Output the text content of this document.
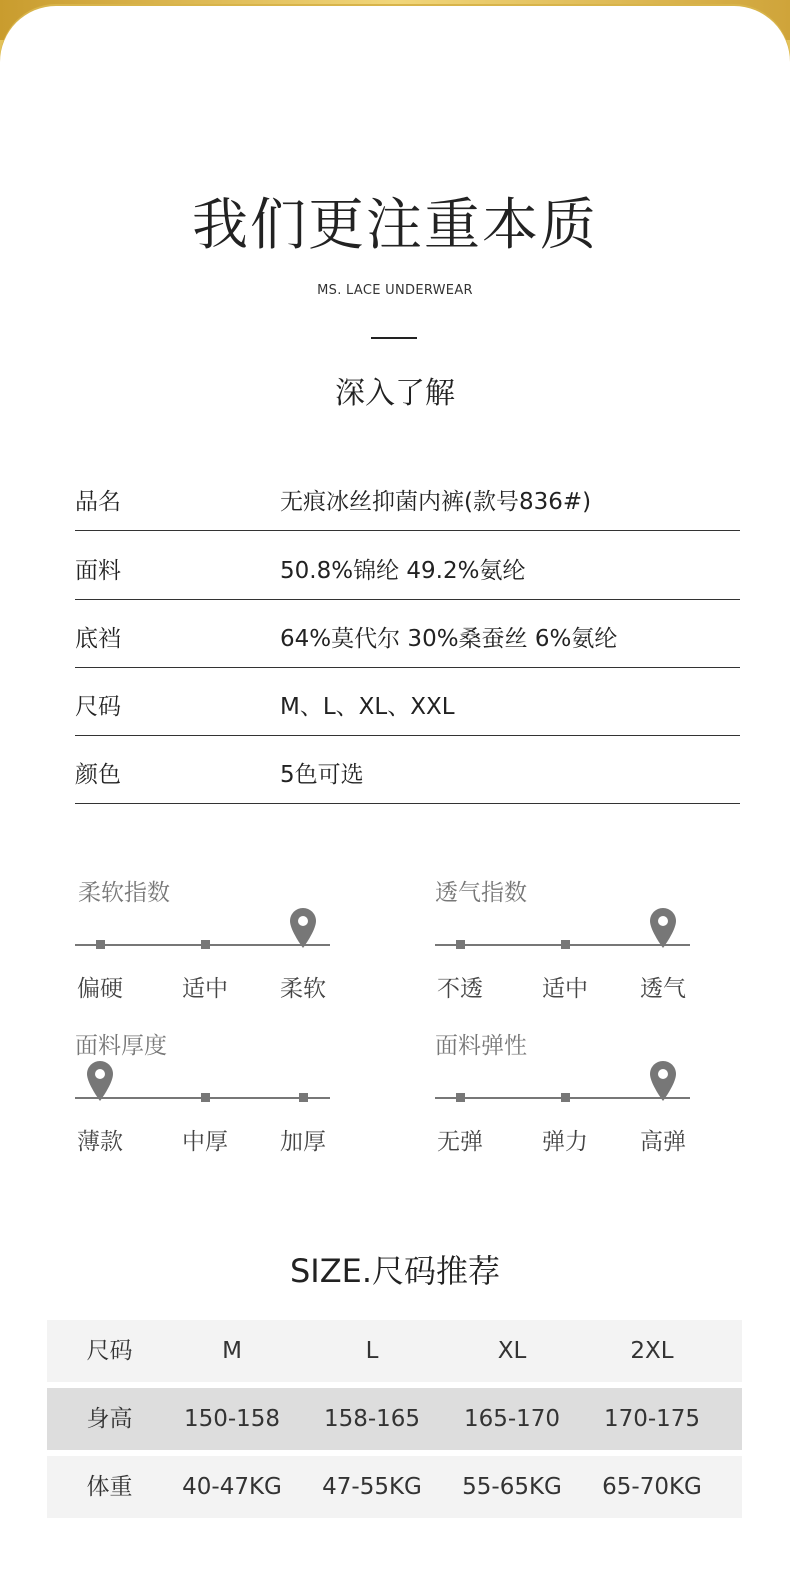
我们更注重本质
MS. LACE UNDERWEAR
深入了解
品名	无痕冰丝抑菌内裤(款号836#)
面料	50.8%锦纶 49.2%氨纶
底裆	64%莫代尔 30%桑蚕丝 6%氨纶
尺码	M、L、XL、XXL
颜色	5色可选
柔软指数
偏硬	适中	柔软
透气指数
不透	适中	透气
面料厚度
薄款	中厚	加厚
面料弹性
无弹	弹力	高弹
SIZE.尺码推荐
尺码	M	L	XL	2XL
身高	150-158	158-165	165-170	170-175
体重	40-47KG	47-55KG	55-65KG	65-70KG
